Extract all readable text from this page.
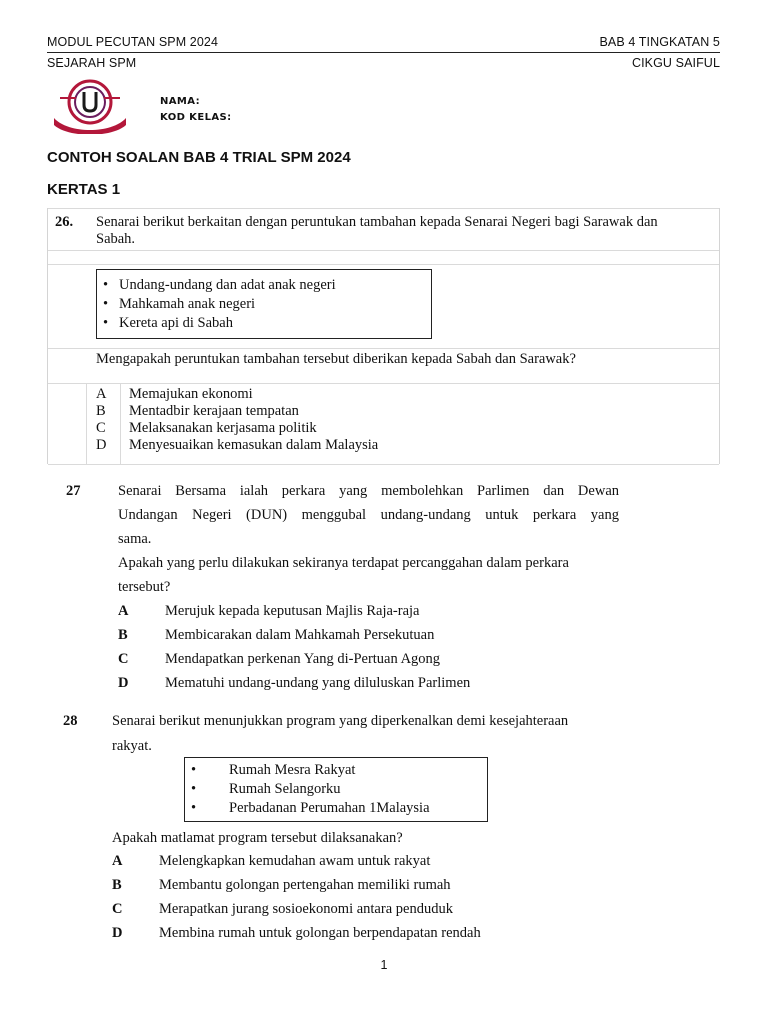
MODUL PECUTAN SPM 2024	BAB 4 TINGKATAN 5
SEJARAH SPM	CIKGU SAIFUL
NAMA:
KOD KELAS:
CONTOH SOALAN BAB 4 TRIAL SPM 2024
KERTAS 1
26. Senarai berikut berkaitan dengan peruntukan tambahan kepada Senarai Negeri bagi Sarawak dan
Sabah.
• Undang-undang dan adat anak negeri
• Mahkamah anak negeri
• Kereta api di Sabah
Mengapakah peruntukan tambahan tersebut diberikan kepada Sabah dan Sarawak?
A Memajukan ekonomi
B Mentadbir kerajaan tempatan
C Melaksanakan kerjasama politik
D Menyesuaikan kemasukan dalam Malaysia
27	Senarai Bersama ialah perkara yang membolehkan Parlimen dan Dewan
Undangan Negeri (DUN) menggubal undang-undang untuk perkara yang
sama.
Apakah yang perlu dilakukan sekiranya terdapat percanggahan dalam perkara
tersebut?
A	Merujuk kepada keputusan Majlis Raja-raja
B	Membicarakan dalam Mahkamah Persekutuan
C	Mendapatkan perkenan Yang di-Pertuan Agong
D	Mematuhi undang-undang yang diluluskan Parlimen
28 Senarai berikut menunjukkan program yang diperkenalkan demi kesejahteraan
rakyat.
• Rumah Mesra Rakyat
• Rumah Selangorku
• Perbadanan Perumahan 1Malaysia
Apakah matlamat program tersebut dilaksanakan?
A	Melengkapkan kemudahan awam untuk rakyat
B	Membantu golongan pertengahan memiliki rumah
C	Merapatkan jurang sosioekonomi antara penduduk
D	Membina rumah untuk golongan berpendapatan rendah
1
